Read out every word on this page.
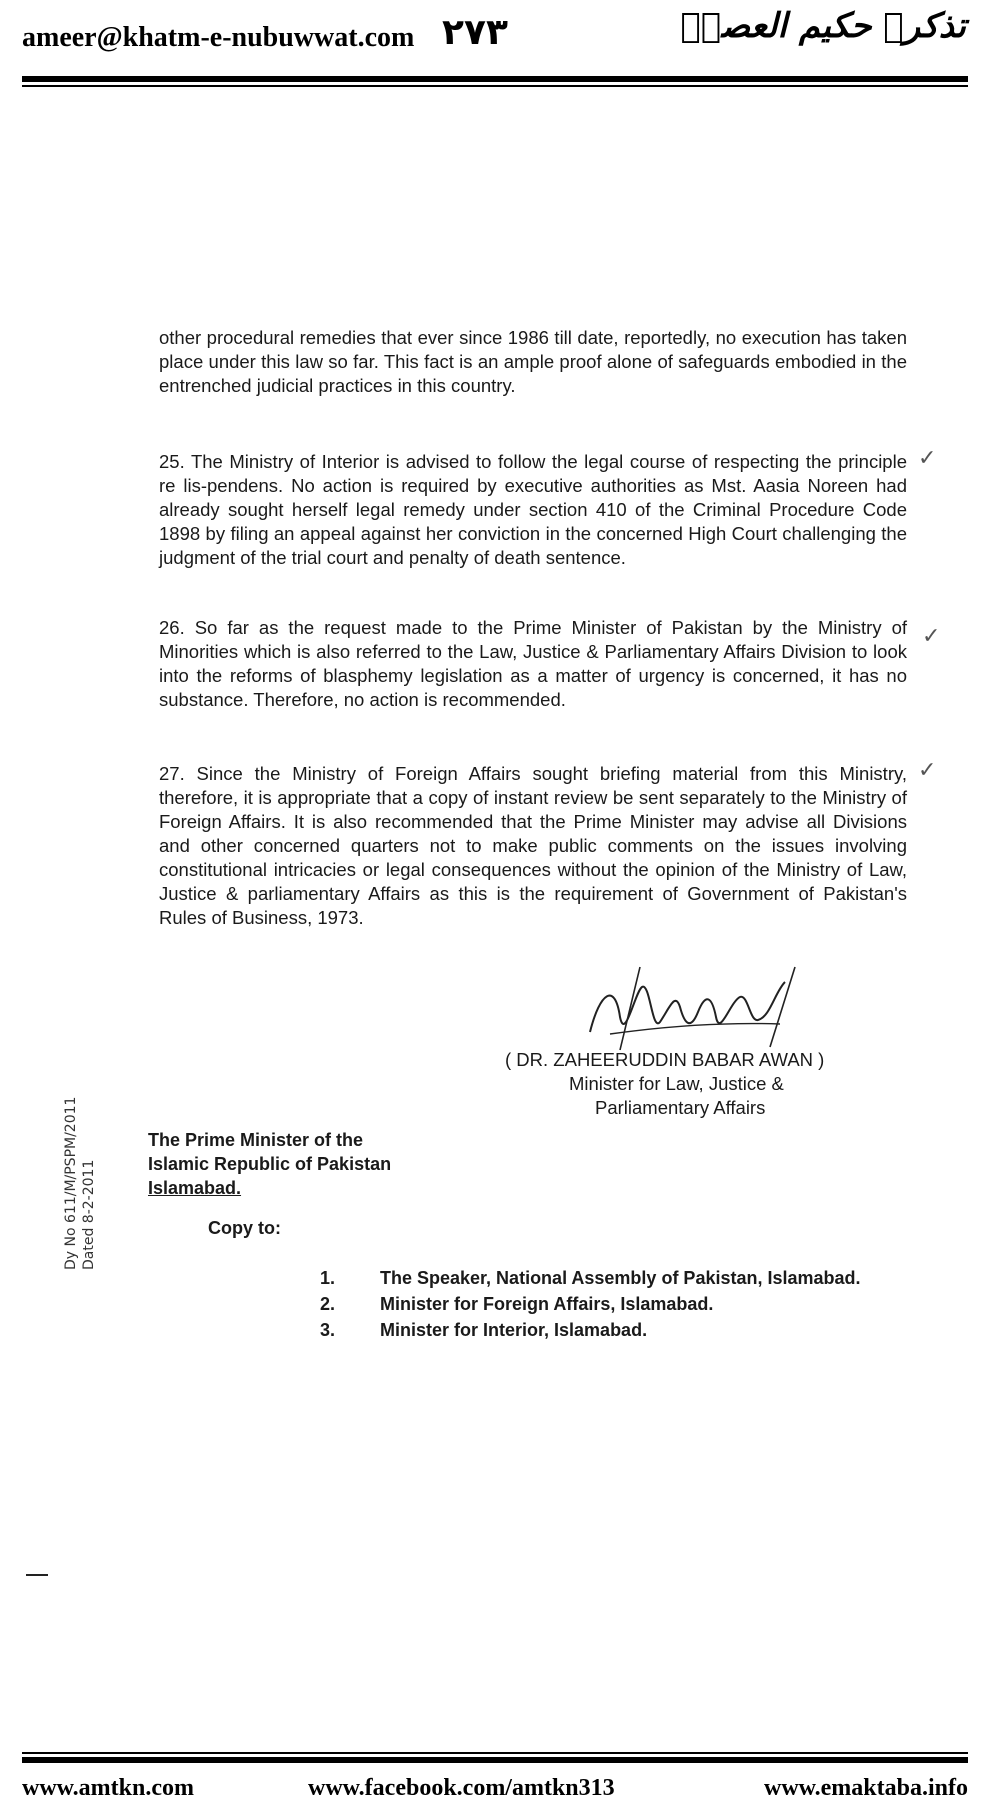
ameer@khatm-e-nubuwwat.com ۲۷۳	تذکرہ حکیم العصرؒ

other procedural remedies that ever since 1986 till date, reportedly, no execution has taken place under this law so far. This fact is an ample proof alone of safeguards embodied in the entrenched judicial practices in this country.

25. The Ministry of Interior is advised to follow the legal course of respecting the principle re lis-pendens. No action is required by executive authorities as Mst. Aasia Noreen had already sought herself legal remedy under section 410 of the Criminal Procedure Code 1898 by filing an appeal against her conviction in the concerned High Court challenging the judgment of the trial court and penalty of death sentence.

✓

26. So far as the request made to the Prime Minister of Pakistan by the Ministry of Minorities which is also referred to the Law, Justice & Parliamentary Affairs Division to look into the reforms of blasphemy legislation as a matter of urgency is concerned, it has no substance. Therefore, no action is recommended.

✓

27. Since the Ministry of Foreign Affairs sought briefing material from this Ministry, therefore, it is appropriate that a copy of instant review be sent separately to the Ministry of Foreign Affairs. It is also recommended that the Prime Minister may advise all Divisions and other concerned quarters not to make public comments on the issues involving constitutional intricacies or legal consequences without the opinion of the Ministry of Law, Justice & parliamentary Affairs as this is the requirement of Government of Pakistan's Rules of Business, 1973.

✓
( DR. ZAHEERUDDIN BABAR AWAN )
Minister for Law, Justice &
Parliamentary Affairs
Dy No 611/M/PSPM/2011 Dated 8-2-2011
The Prime Minister of the
Islamic Republic of Pakistan
Islamabad.
Copy to:
1.	The Speaker, National Assembly of Pakistan, Islamabad.
2.	Minister for Foreign Affairs, Islamabad.
3.	Minister for Interior, Islamabad.
www.amtkn.com	www.facebook.com/amtkn313	www.emaktaba.info
